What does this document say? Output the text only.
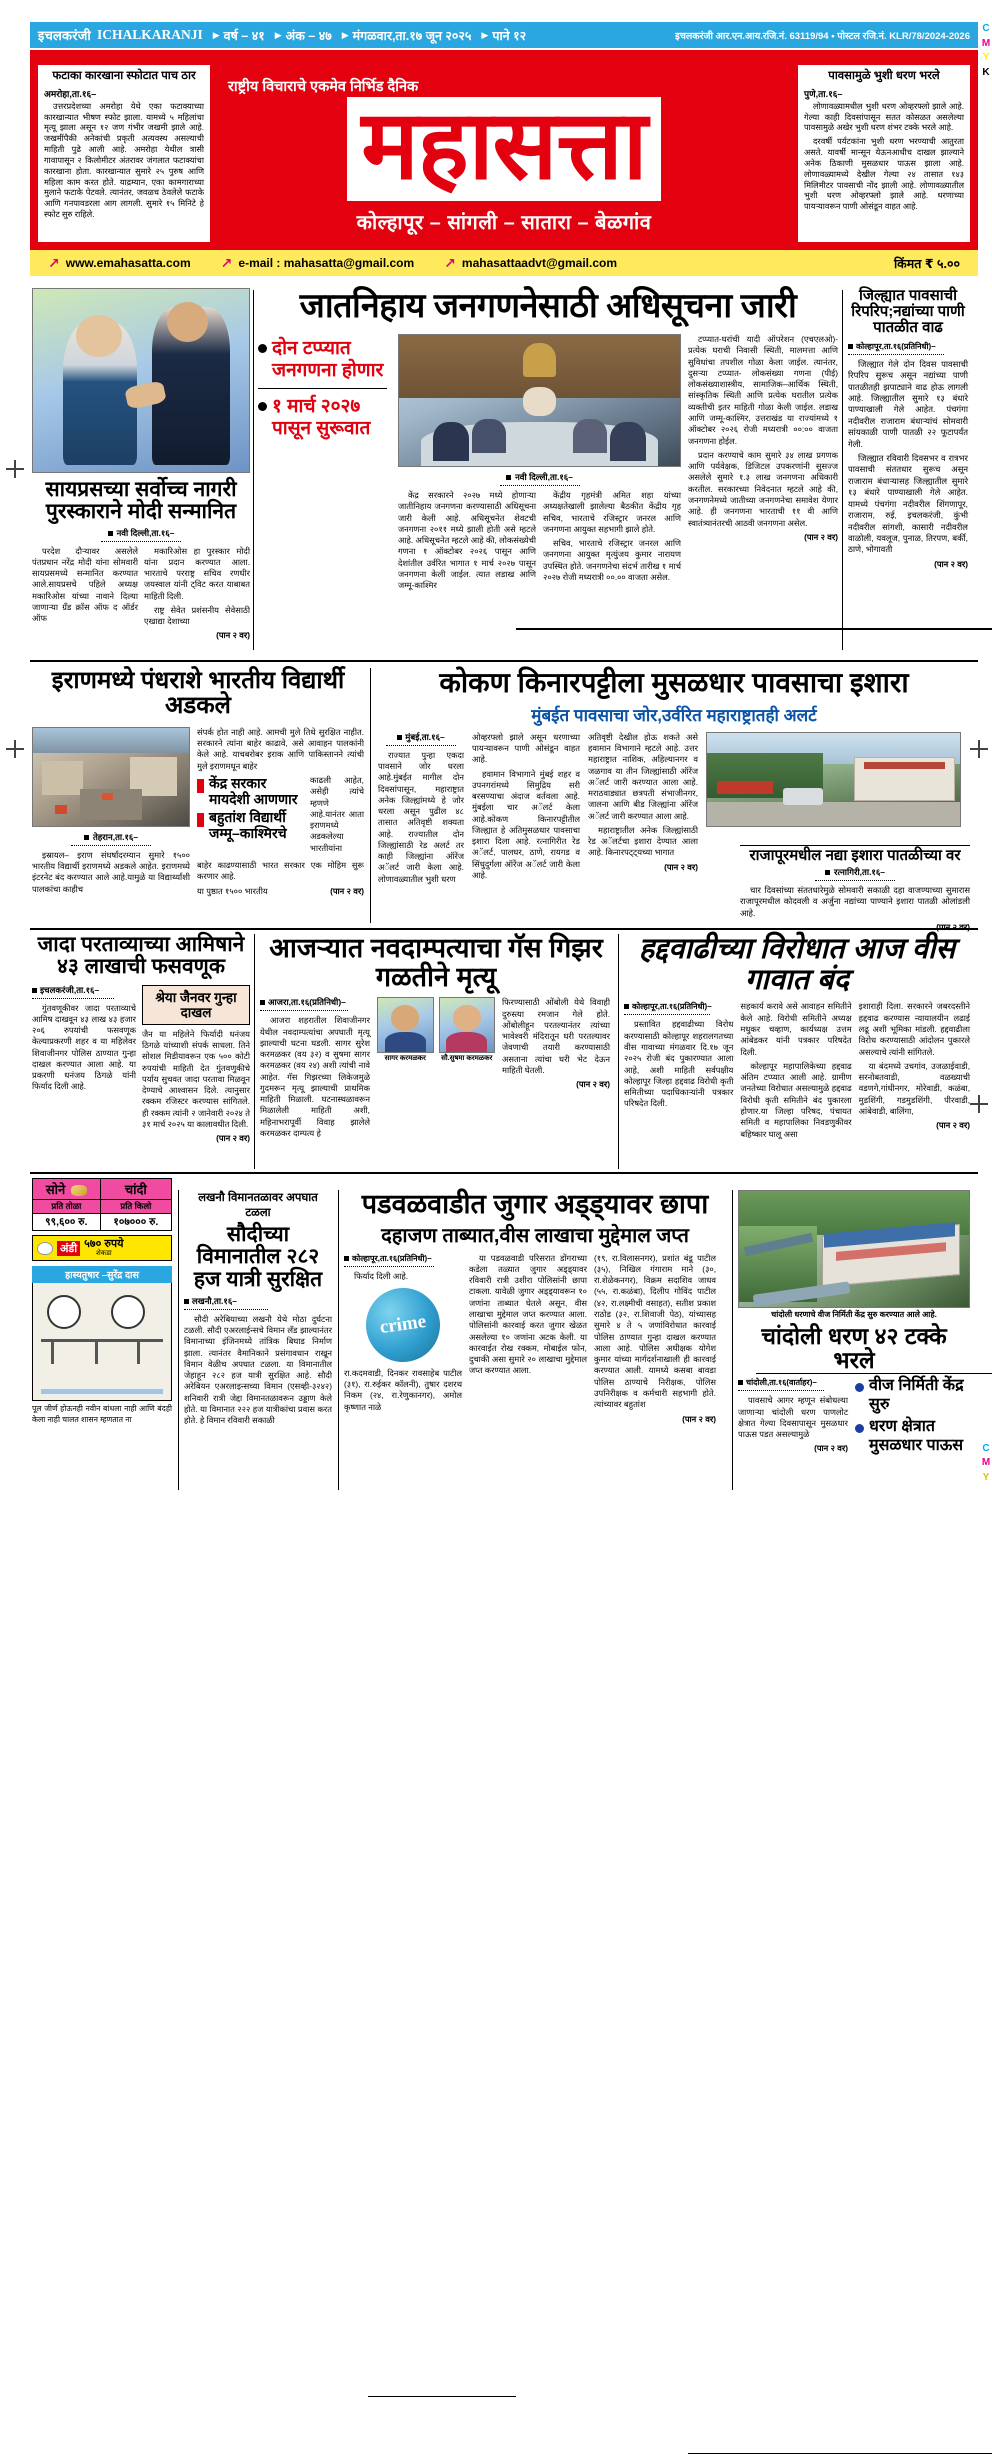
C
M
Y
K
C
M
Y
इचलकरंजी ICHALKARANJI ▶ वर्ष – ४१ ▶ अंक – ४७ ▶ मंगळवार,ता.१७ जून २०२५ ▶ पाने १२	इचलकरंजी आर.एन.आय.रजि.नं. 63119/94 • पोस्टल रजि.नं. KLR/78/2024-2026
फटाका कारखाना स्फोटात पाच ठार
अमरोहा,ता.१६–

उत्तरप्रदेशच्या अमरोहा येथे एका फटाक्याच्या कारखान्यात भीषण स्फोट झाला. यामध्ये ५ महिलांचा मृत्यू झाला असून १२ जण गंभीर जखमी झाले आहे. जखमींपैकी अनेकांची प्रकृती अत्यवस्थ असल्याची माहिती पुढे आली आहे. अमरोहा येथील त्रासी गावापासून २ किलोमीटर अंतरावर जंगलात फटाक्यांचा कारखाना होता. कारखान्यात सुमारे २५ पुरुष आणि महिला काम करत होते. याद्रम्यान, एका कामगाराच्या मुलाने फटाके पेटवले. त्यानंतर, जवळच ठेवलेले फटाके आणि गनपावडरला आग लागली. सुमारे १५ मिनिटे हे स्फोट सुरु राहिले.

राष्ट्रीय विचाराचे एकमेव निर्भिड दैनिक
महासत्ता
कोल्हापूर – सांगली – सातारा – बेळगांव
पावसामुळे भुशी धरण भरले
पुणे,ता.१६–

लोणावळ्यामधील भुशी धरण ओव्हरफ्लो झाले आहे. गेल्या काही दिवसांपासून सतत कोसळत असलेल्या पावसामुळे अखेर भुशी धरण शंभर टक्के भरले आहे.

दरवर्षी पर्यटकांना भुशी धरण भरण्याची आतुरता असते. यावर्षी मान्सून येऊनआधीच दाखल झाल्याने अनेक ठिकाणी मुसळधार पाऊस झाला आहे. लोणावळ्यामध्ये देखील गेल्या २४ तासात १४३ मिलिमीटर पावसाची नोंद झाली आहे. लोणावळ्यातील भुशी धरण ओव्हरफ्लो झाले आहे. धरणाच्या पायऱ्यावरून पाणी ओसंडून वाहत आहे.

↗ www.emahasatta.com ↗ e-mail : mahasatta@gmail.com ↗ mahasattaadvt@gmail.com	किंमत ₹ ५.००
सायप्रसच्या सर्वोच्च नागरी पुरस्काराने मोदी सन्मानित
नवी दिल्ली,ता.१६–

परदेश दौऱ्यावर असलेले पंतप्रधान नरेंद्र मोदी यांना सोमवारी सायप्रसमध्ये सन्मानित करण्यात आले.सायप्रसचे पहिले अध्यक्ष मकारिओस यांच्या नावाने दिल्या जाणाऱ्या ग्रँड क्रॉस ऑफ द ऑर्डर ऑफ

मकारिओस हा पुरस्कार मोदी यांना प्रदान करण्यात आला. भारताचे परराष्ट्र सचिव रणधीर जयस्वाल यांनी ट्विट करत याबाबत माहिती दिली.

राष्ट्र सेवेत प्रशंसनीय सेवेसाठी एखाद्या देशाच्या

(पान २ वर)
जातनिहाय जनगणनेसाठी अधिसूचना जारी
दोन टप्प्यात जनगणना होणार
१ मार्च २०२७ पासून सुरूवात
नवी दिल्ली,ता.१६–

केंद्र सरकारने २०२७ मध्ये होणाऱ्या जातीनिहाय जनगणना करण्यासाठी अधिसूचना जारी केली आहे. अधिसूचनेत शेवटची जनगणना २०११ मध्ये झाली होती असे म्हटले आहे. अधिसूचनेत म्हटले आहे की, लोकसंख्येची गणना १ ऑक्टोबर २०२६ पासून आणि देशांतील उर्वरित भागात १ मार्च २०२७ पासून जनगणना केली जाईल. त्यात लडाख आणि जम्मू-काश्मिर

केंद्रीय गृहमंत्री अमित शहा यांच्या अध्यक्षतेखाली झालेल्या बैठकीत केंद्रीय गृह सचिव, भारताचे रजिस्ट्रार जनरल आणि जनगणना आयुक्त सहभागी झाले होते.

सचिव, भारताचे रजिस्ट्रार जनरल आणि जनगणना आयुक्त मृत्युंजय कुमार नारायण उपस्थित होते. जनगणनेचा संदर्भ तारीख १ मार्च २०२७ रोजी मध्यरात्री ००.०० वाजता असेल.

टप्प्यात-घरांची यादी ऑपरेशन (एचएलओ)- प्रत्येक घराची निवासी स्थिती, मालमत्ता आणि सुविधांचा तपशील गोळा केला जाईल. त्यानंतर, दुसऱ्या टप्प्यात- लोकसंख्या गणना (पीई) लोकसंख्याशास्त्रीय, सामाजिक–आर्थिक स्थिती, सांस्कृतिक स्थिती आणि प्रत्येक घरातील प्रत्येक व्यक्तीची इतर माहिती गोळा केली जाईल. लडाख आणि जम्मू-काश्मिर, उत्तराखंड या राज्यांमध्ये १ ऑक्टोबर २०२६ रोजी मध्यरात्री ००:०० वाजता जनगणना होईल.

प्रदान करण्याचे काम सुमारे ३४ लाख प्रगणक आणि पर्यवेक्षक, डिजिटल उपकरणांनी सुसज्ज असलेले सुमारे १.३ लाख जनगणना अधिकारी करतील. सरकारच्या निवेदनात म्हटले आहे की, जनगणनेमध्ये जातीच्या जनगणनेचा समावेश येणार आहे. ही जनगणना भारताची ११ वी आणि स्वातंत्र्यानंतरची आठवी जनगणना असेल.

(पान २ वर)
जिल्ह्यात पावसाची रिपरिप;नद्यांच्या पाणी पातळीत वाढ
कोल्हापूर,ता.१६(प्रतिनिधी)–

जिल्ह्यात गेले दोन दिवस पावसाची रिपरिप सुरूच असून नद्यांच्या पाणी पातळीतही झपाट्याने वाढ होऊ लागली आहे. जिल्ह्यातील सुमारे १३ बंधारे पाण्याखाली गेले आहेत. पंचगंगा नदीवरील राजाराम बंधाऱ्यांचं सोमवारी सांयकाळी पाणी पातळी २२ फूटापर्यंत गेली.

जिल्ह्यात रविवारी दिवसभर व रात्रभर पावसाची संततधार सुरूच असून राजाराम बंधाऱ्यासह जिल्ह्यातील सुमारे १३ बंधारे पाण्याखाली गेले आहेत. यामध्ये पंचगंगा नदीवरील शिंगणापूर, राजाराम, रुई, इचलकरंजी, कुंभी नदीवरील सांगशी, कासारी नदीवरील वाळोली, यवलूज, पुनाळ, तिरपण, बर्की, ठाणे, भोगावती

(पान २ वर)
इराणमध्ये पंधराशे भारतीय विद्यार्थी अडकले
तेहरान,ता.१६–

इस्रायल– इराण संघर्षांदरम्यान सुमारे १५०० भारतीय विद्यार्थी इराणमध्ये अडकले आहेत. इराणमध्ये इंटरनेट बंद करण्यात आले आहे.यामुळे या विद्यार्थ्यांशी पालकांचा काहीच

संपर्क होत नाही आहे. आमची मुले तिथे सुरक्षित नाहीत. सरकारने त्यांना बाहेर काढावे, असे आवाहन पालकांनी केले आहे. याचबरोबर इराक आणि पाकिस्तानने त्यांची मुले इराणमधून बाहेर

केंद्र सरकार मायदेशी आणणार
बहुतांश विद्यार्थी जम्मू–काश्मिरचे

काढली आहेत, असेही त्यांचे म्हणणे आहे.यानंतर आता इराणमध्ये अडकलेल्या भारतीयांना

बाहेर काढण्यासाठी भारत सरकार एक मोहिम सुरू करणार आहे.

या पुष्ठात १५०० भारतीय	(पान २ वर)
कोकण किनारपट्टीला मुसळधार पावसाचा इशारा
मुंबईत पावसाचा जोर,उर्वरित महाराष्ट्रातही अलर्ट
मुंबई,ता.१६–

राज्यात पुन्हा एकदा पावसाने जोर धरला आहे.मुंबईत मागील दोन दिवसांपासून, महाराष्ट्रात अनेक जिल्ह्यांमध्ये हे जोर धरला असून पुढील ४८ तासात अतिवृष्टी शक्यता आहे. राज्यातील दोन जिल्ह्यांसाठी रेड अलर्ट तर काही जिल्ह्यांना ऑरेंज अॅलर्ट जारी केला आहे. लोणावळ्यातील भुशी धरण

ओव्हरफ्लो झाले असून धरणाच्या पायऱ्यावरून पाणी ओसंडून वाहत आहे.

हवामान विभागाने मुंबई शहर व उपनगरांमध्ये सिमुद्रिय सरी बरसण्याचा अंदाज वर्तवला आहे. मुंबईला चार अॅलर्ट केला आहे.कोकण किनारपट्टीतील जिल्ह्यात हे अतिमुसळधार पावसाचा इशारा दिला आहे. रत्नागिरीत रेड अॅलर्ट, पालघर, ठाणे, रायगड व सिंधुदुर्गला ऑरेंज अॅलर्ट जारी केला आहे.

अतिवृष्टी देखील होऊ शकते असे हवामान विभागाने म्हटले आहे. उत्तर महाराष्ट्रात नाशिक, अहिल्यानगर व जळगाव या तीन जिल्ह्यांसाठी ऑरेंज अॅलर्ट जारी करण्यात आला आहे. मराठवाड्यात छत्रपती संभाजीनगर, जालना आणि बीड जिल्ह्यांना ऑरेंज अॅलर्ट जारी करण्यात आला आहे.

महाराष्ट्रातील अनेक जिल्ह्यांसाठी रेड अॅलर्टचा इशारा देण्यात आला आहे. किनारपट्ट्यच्या भागात

(पान २ वर)
राजापूरमधील नद्या इशारा पातळीच्या वर
रत्नागिरी,ता.१६–

चार दिवसांच्या संततधारेमुळे सोमवारी सकाळी दहा वाजण्याच्या सुमारास राजापूरमधील कोदवली व अर्जुना नद्यांच्या पाण्याने इशारा पातळी ओलांडली आहे.

जादा परताव्याच्या आमिषाने ४३ लाखाची फसवणूक
इचलकरंजी,ता.१६–

गुंतवणूकीवर जादा परताव्याचे आमिष दाखवून ४३ लाख ४३ हजार २०६ रुपयांची फसवणूक केल्याप्रकरणी शहर व या महिलेवर शिवाजीनगर पोलिस ठाण्यात गुन्हा दाखल करण्यात आला आहे. या प्रकरणी धनंजय ठिगळे यांनी फिर्याद दिली आहे.

श्रेया जैनवर गुन्हा दाखल

जैन या महिलेने फिर्यादी धनंजय ठिगळे यांच्याशी संपर्क साधला. तिने सोशल मिडीयावरून एक ५०० कोटी रुपयांची माहिती देत गुंतवणुकीचे पर्याय सुचवत जादा परतावा मिळवून देण्याचे आश्वासन दिले. त्यानुसार रक्कम रजिस्टर करण्यास सांगितले. ही रक्कम त्यांनी २ जानेवारी २०२४ ते ३१ मार्च २०२५ या कालावधीत दिली.

(पान २ वर)
आजऱ्यात नवदाम्पत्याचा गॅस गिझर गळतीने मृत्यू
आजरा,ता.१६(प्रतिनिधी)–

आजरा शहरातील शिवाजीनगर येथील नवदाम्पत्यांचा अपघाती मृत्यू झाल्याची घटना घडली. सागर सुरेश करमळकर (वय ३२) व सुषमा सागर करमळकर (वय २४) अशी त्यांची नावे आहेत. गॅस गिझरच्या लिकेजमुळे गुदमरून मृत्यू झाल्याची प्राथमिक माहिती मिळाली. घटनास्थळावरून मिळालेली माहिती अशी, महिनाभरापूर्वी विवाह झालेले करमळकर दाम्पत्य हे

सागर करमळकर	सौ.सुषमा करमळकर

फिरण्यासाठी ओंबोली येथे विवाही दुरुस्त्या रमजान गेले होते. ओंबोलीहून परतल्यानंतर त्यांच्या भावेश्वरी मंदिरातून घरी परतल्यावर जेवणाची तयारी करण्यासाठी असताना त्यांचा घरी भेट देऊन माहिती घेतली.

(पान २ वर)
हद्दवाढीच्या विरोधात आज वीस गावात बंद
कोल्हापूर,ता.१६(प्रतिनिधी)–

प्रस्तावित हद्दवाढीच्या विरोध करण्यासाठी कोल्हापूर शहरालगतच्या वीस गावाच्या मंगळवार दि.१७ जून २०२५ रोजी बंद पुकारण्यात आला आहे, अशी माहिती सर्वपक्षीय कोल्हापूर जिल्हा हद्दवाढ विरोधी कृती समितीच्या पदाधिकाऱ्यांनी पत्रकार परिषदेत दिली.

सहकार्य करावे असे आवाहन समितीने केले आहे. विरोधी समितीने अध्यक्ष मधुकर चव्हाण, कार्यध्यक्ष उत्तम आंबेडकर यांनी पत्रकार परिषदेत दिली.

कोल्हापूर महापालिकेच्या हद्दवाढ अंतिम टप्प्यात आली आहे. ग्रामीण जनतेच्या विरोधात असल्यामुळे हद्दवाढ विरोधी कृती समितीने बंद पुकारला होणार.या जिल्हा परिषद, पंचायत समिती व महापालिका निवडणुकीवर बहिष्कार घालू असा

इशाराही दिला. सरकारने जबरदस्तीने हद्दवाढ करण्यास न्यायालयीन लढाई लढू अशी भूमिका मांडली. हद्दवाढीला विरोध करण्यासाठी आंदोलन पुकारले असल्याचे त्यांनी सांगितले.

या बंदमध्ये उचगांव, उजळाईवाडी, सरनोबतवाडी, वळख्याची वडणगे,गांधीनगर, मोरेवाडी, कळंबा, मुडशिंगी, गडमुडशिंगी, पीरवाडी, आंबेवाडी, बालिंगा,

(पान २ वर)
सोने	चांदी
प्रति तोळा	प्रति किलो
९९,६०० रु.	१०७००० रु.
अंडी ५७० रुपये
शेकडा
हास्यतुषार –सुरेंद्र दास

पूल जीर्ण होऊनही नवीन बांधला नाही आणि बंदही केला नाही चालत शासन म्हणतात ना

लखनौ विमानतळावर अपघात टळला
सौदीच्या विमानातील २८२ हज यात्री सुरक्षित
लखनौ,ता.१६–

सौदी अरेबियाच्या लखनौ येथे मोठा दुर्घटना टळली. सौदी एअरलाईन्सचे विमान लँड झाल्यानंतर विमानाच्या इंजिनमध्ये तांत्रिक बिघाड निर्माण झाला. त्यानंतर वैमानिकाने प्रसंगावधान राखून विमान वेळीच अपघात टळला. या विमानातील जेहाहून २८२ हज यात्री सुरक्षित आहे. सौदी अरेबियन एअरलाइन्सच्या विमान (एसव्ही-३२४२) शनिवारी रात्री जेद्दा विमानतळावरून उड्डाण केले होते. या विमानात २२२ हज यात्रीकांचा प्रवास करत होते. हे विमान रविवारी सकाळी

पडवळवाडीत जुगार अड्ड्यावर छापा
दहाजण ताब्यात,वीस लाखाचा मुद्देमाल जप्त
कोल्हापूर,ता.१६(प्रतिनिधी)–

फिर्याद दिली आहे.

crime

रा.कदमवाडी, दिनकर रावसाहेब पाटील (३१), रा.रुईकर कॉलनी), तुषार दशरथ निकम (२४, रा.रेणुकानगर), अमोल कृष्णात नाळे

या पडवळवाडी परिसरात डोंगराच्या कडेला तळ्यात जुगार अड्ड्यावर रविवारी रात्री उशीरा पोलिसांनी छापा टाकला. यावेळी जुगार अड्ड्यावरून १० जणांना ताब्यात घेतले असून, वीस लाखाचा मुद्देमाल जप्त करण्यात आला. पोलिसांनी कारवाई करत जुगार खेळत असलेल्या १० जणांना अटक केली. या कारवाईत रोख रक्कम, मोबाईल फोन, दुचाकी असा सुमारे २० लाखाचा मुद्देमाल जप्त करण्यात आला.

(१९, रा.विलासनगर), प्रशांत बंडू पाटील (३५), निखिल गंगाराम माने (३०, रा.शेळेकनगर), विक्रम सदाशिव जाधव (५५, रा.कळंबा), दिलीप गोविंद पाटील (४२, रा.लक्ष्मीची वसाहत), सतीश प्रकाश राठोड (३२, रा.शिवाजी पेठ), यांच्यासह सुमारे ४ ते ५ जणांविरोधात कारवाई पोलिस ठाण्यात गुन्हा दाखल करण्यात आला आहे. पोलिस अधीक्षक योगेश कुमार यांच्या मार्गदर्शनाखाली ही कारवाई करण्यात आली. यामध्ये कसबा बावडा पोलिस ठाण्याचे निरीक्षक, पोलिस उपनिरीक्षक व कर्मचारी सहभागी होते. त्यांच्यावर बहुतांश

(पान २ वर)
चांदोली धरणाचे वीज निर्मिती केंद्र सुरु करण्यात आले आहे.
चांदोली धरण ४२ टक्के भरले
चांदोली,ता.१६(वार्ताहर)–

पावसाचे आगर म्हणून संबोधल्या जाणाऱ्या चांदोली धरण पाणलोट क्षेत्रात गेल्या दिवसापासून मुसळधार पाऊस पडत असल्यामुळे

(पान २ वर)
वीज निर्मिती केंद्र सुरु
धरण क्षेत्रात मुसळधार पाऊस
